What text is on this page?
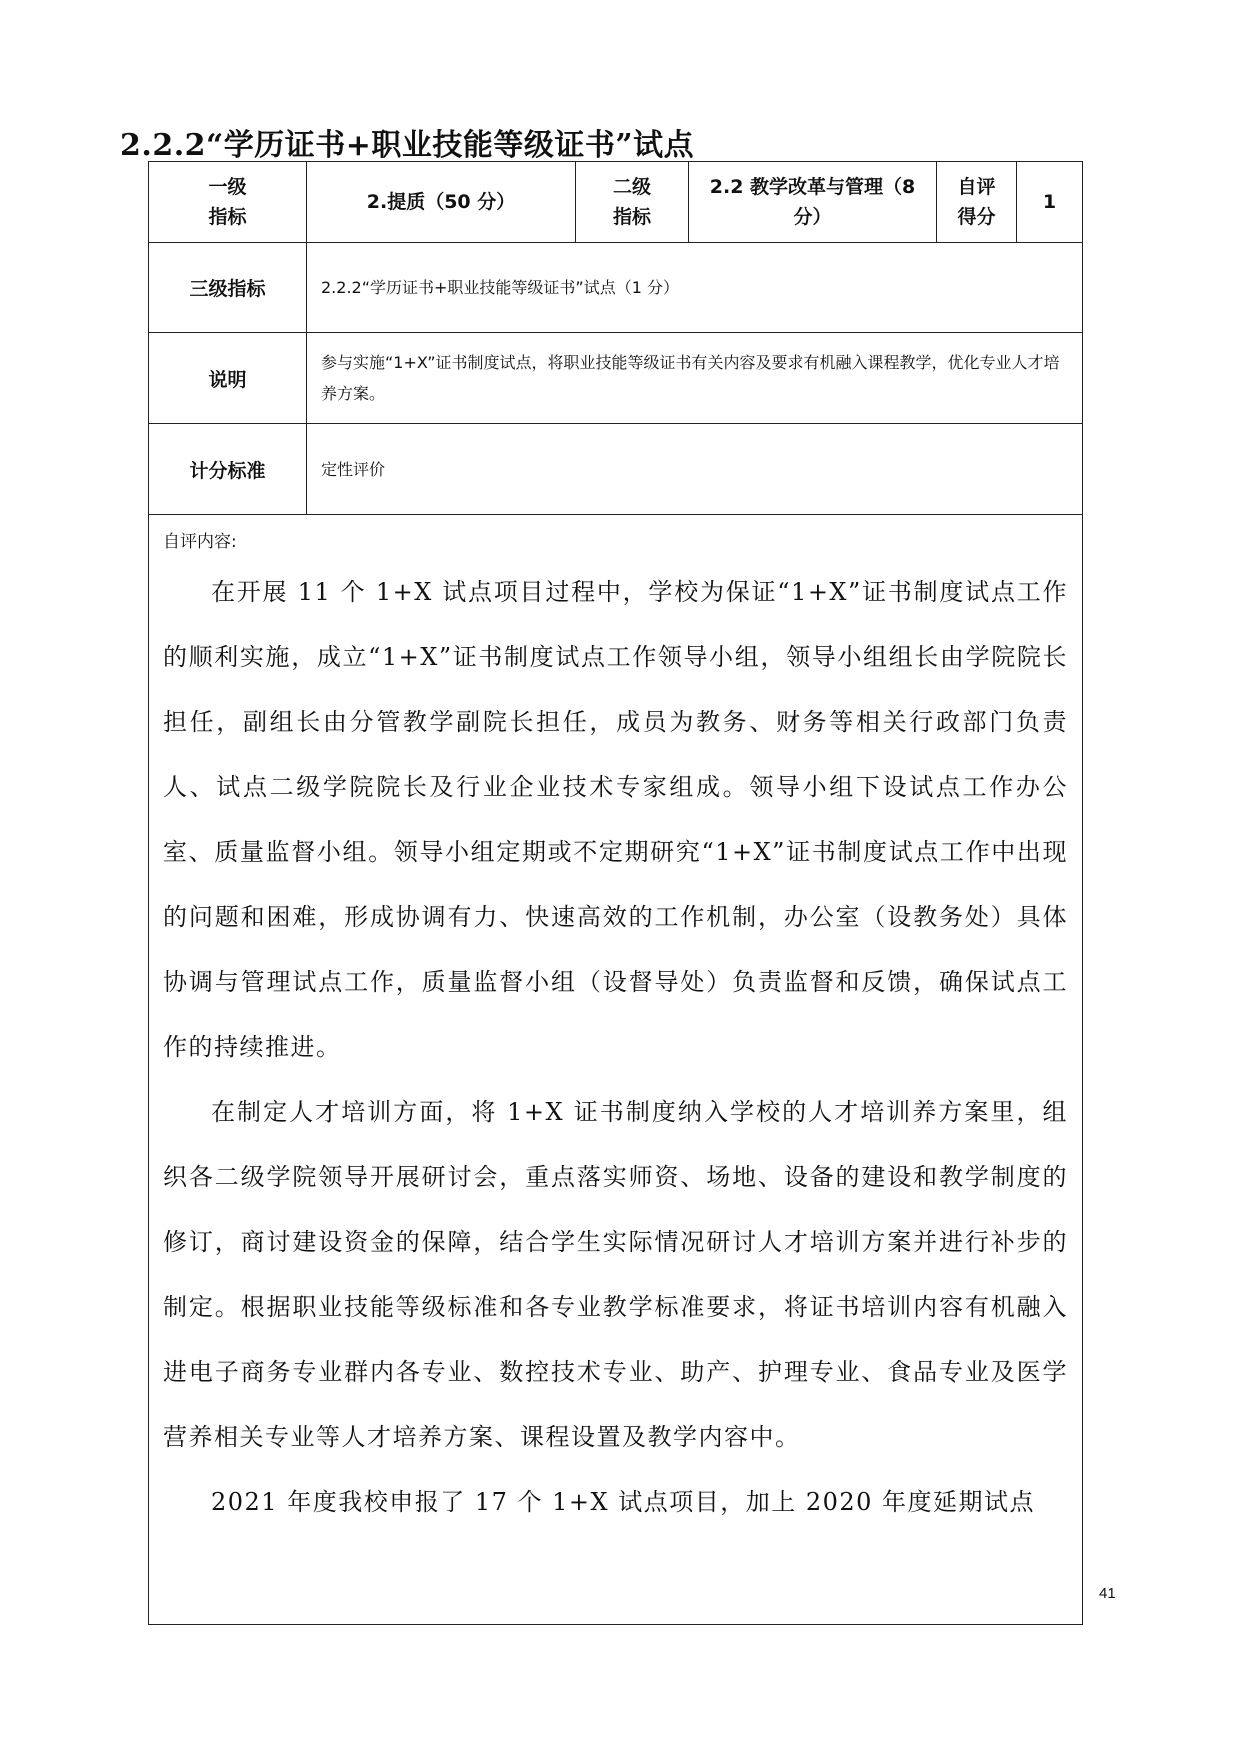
2.2.2“学历证书+职业技能等级证书”试点
一级
指标
2.提质（50 分）
二级
指标
2.2 教学改革与管理（8 分）
自评
得分
1
三级指标	2.2.2“学历证书+职业技能等级证书”试点（1 分）
说明
参与实施“1+X”证书制度试点，将职业技能等级证书有关内容及要求有机融入课程教学，优化专业人才培养方案。
计分标准	定性评价
自评内容:

在开展 11 个 1+X 试点项目过程中，学校为保证“1+X”证书制度试点工作的顺利实施，成立“1+X”证书制度试点工作领导小组，领导小组组长由学院院长担任，副组长由分管教学副院长担任，成员为教务、财务等相关行政部门负责人、试点二级学院院长及行业企业技术专家组成。领导小组下设试点工作办公室、质量监督小组。领导小组定期或不定期研究“1+X”证书制度试点工作中出现的问题和困难，形成协调有力、快速高效的工作机制，办公室（设教务处）具体协调与管理试点工作，质量监督小组（设督导处）负责监督和反馈，确保试点工作的持续推进。

在制定人才培训方面，将 1+X 证书制度纳入学校的人才培训养方案里，组织各二级学院领导开展研讨会，重点落实师资、场地、设备的建设和教学制度的修订，商讨建设资金的保障，结合学生实际情况研讨人才培训方案并进行补步的制定。根据职业技能等级标准和各专业教学标准要求，将证书培训内容有机融入进电子商务专业群内各专业、数控技术专业、助产、护理专业、食品专业及医学营养相关专业等人才培养方案、课程设置及教学内容中。

2021 年度我校申报了 17 个 1+X 试点项目，加上 2020 年度延期试点

41
